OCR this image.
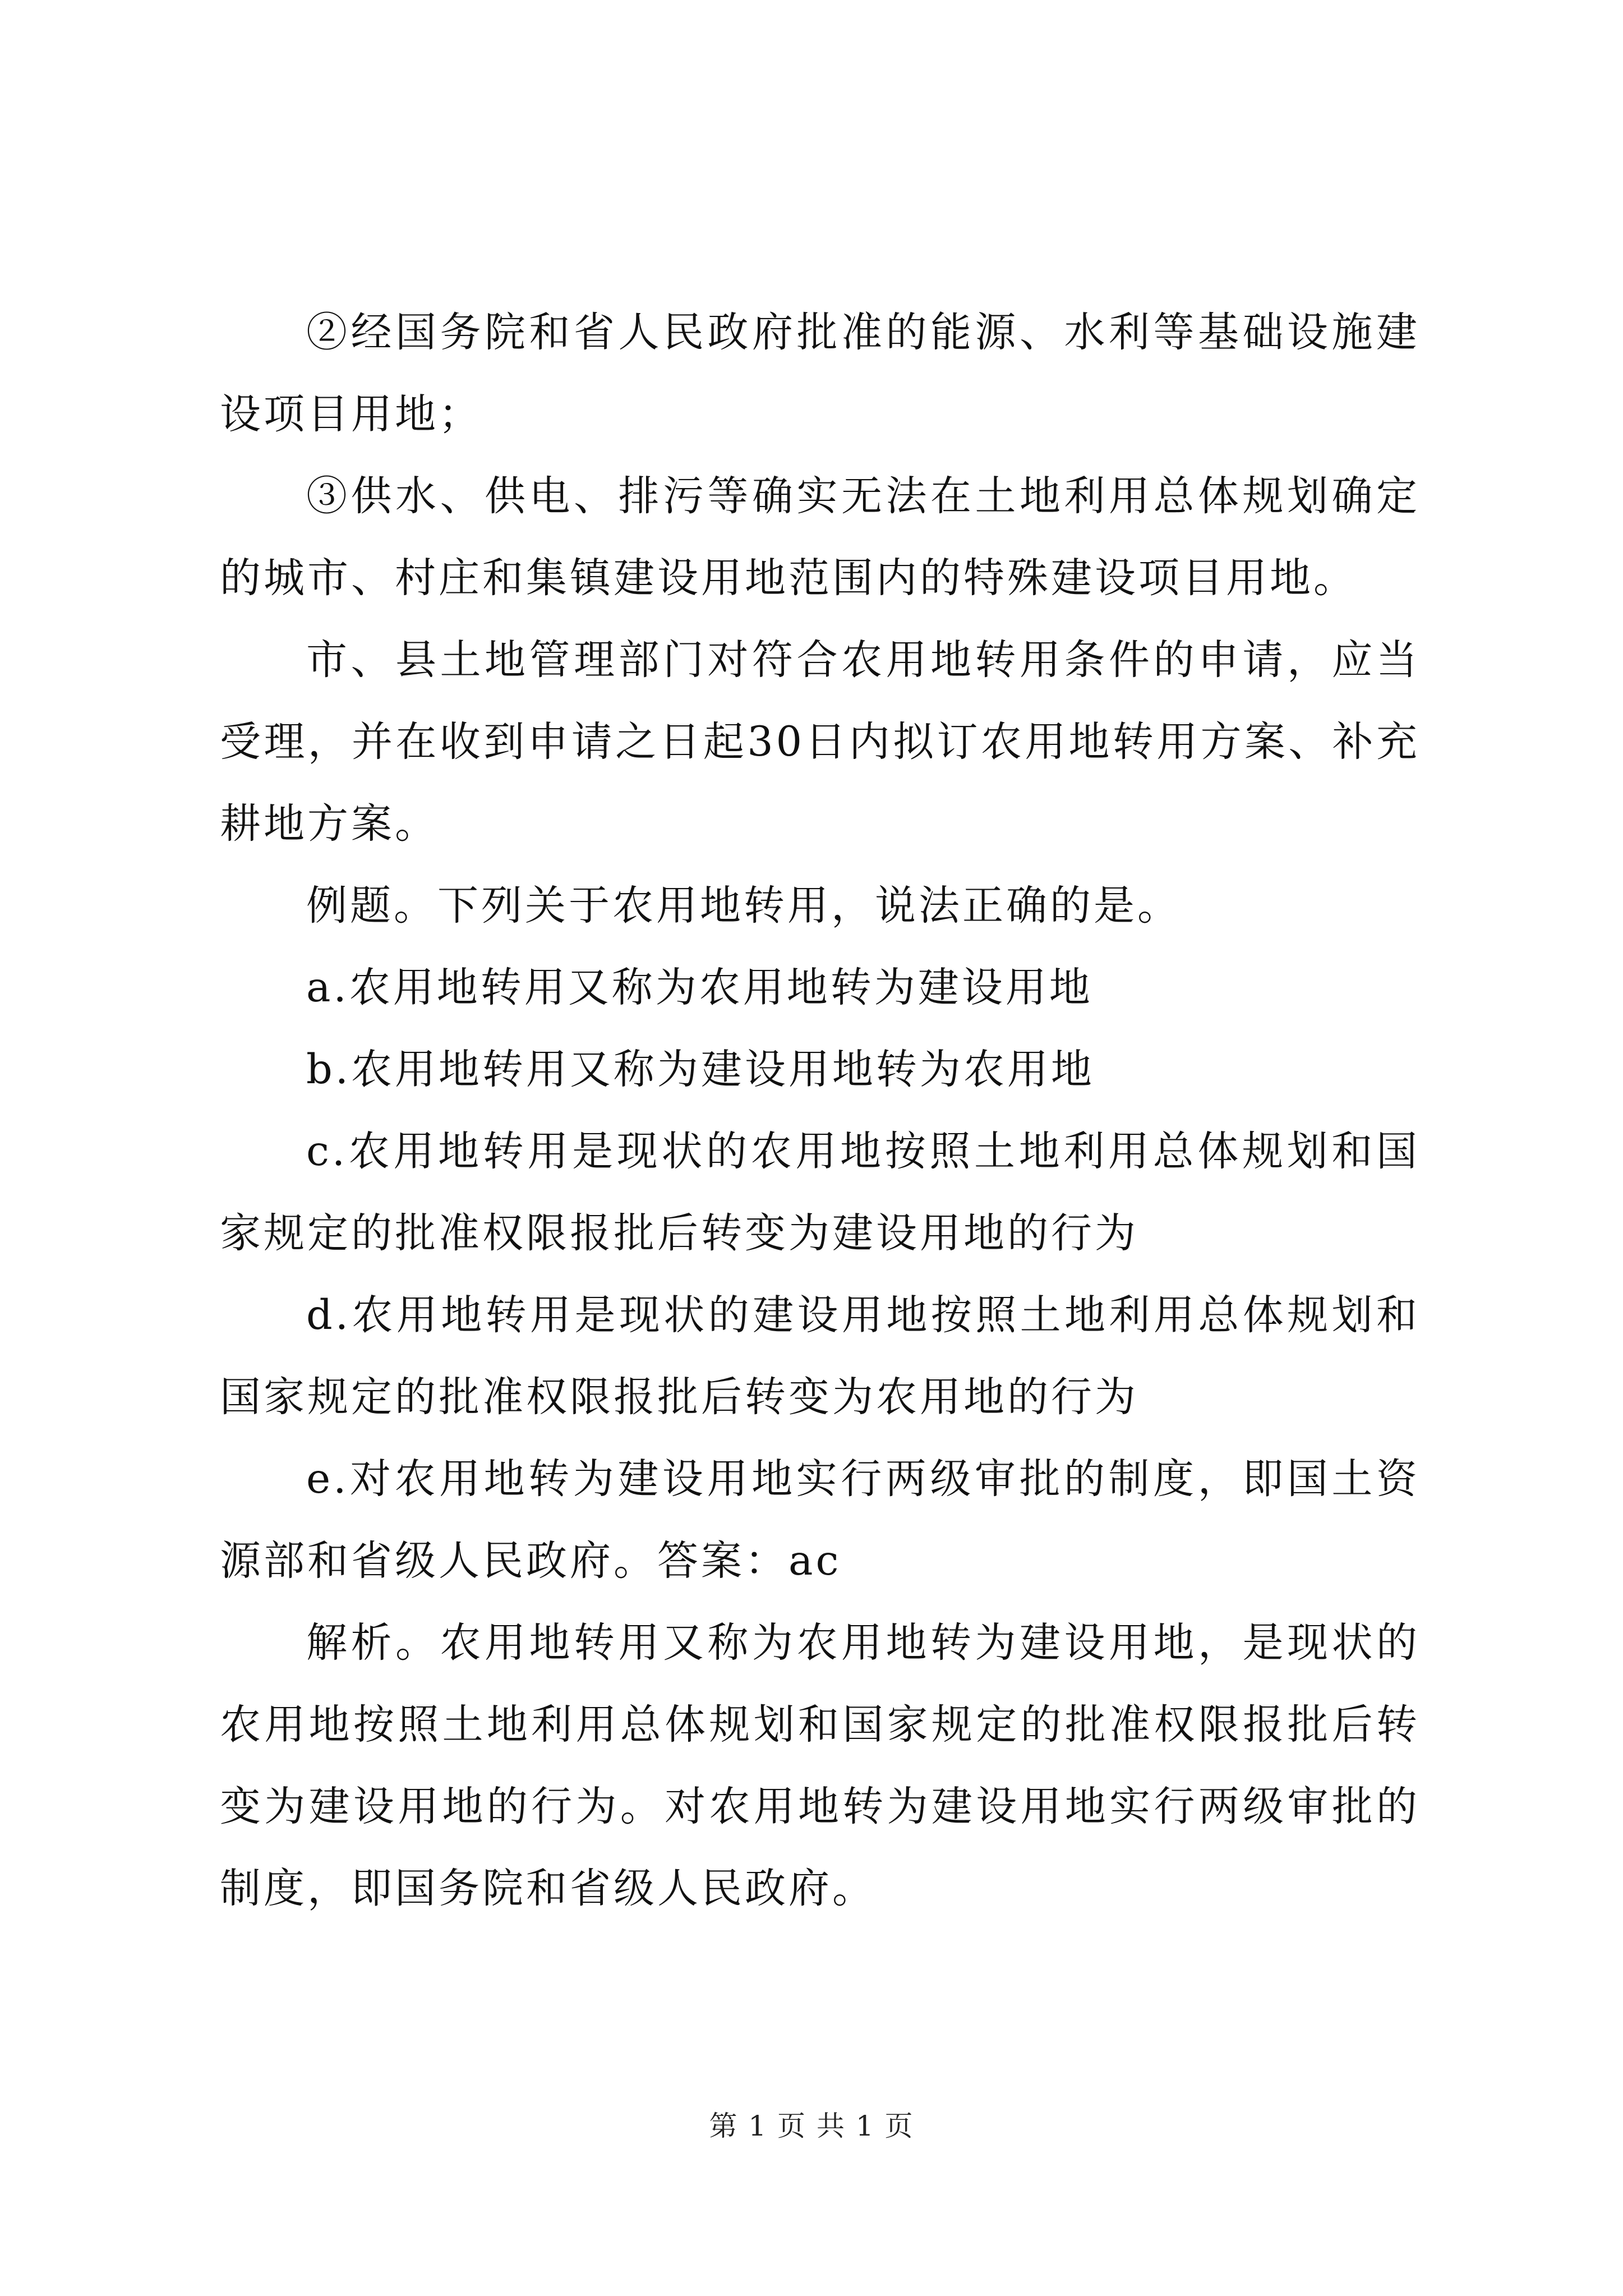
②经国务院和省人民政府批准的能源、水利等基础设施建设项目用地；

③供水、供电、排污等确实无法在土地利用总体规划确定的城市、村庄和集镇建设用地范围内的特殊建设项目用地。

市、县土地管理部门对符合农用地转用条件的申请，应当受理，并在收到申请之日起30日内拟订农用地转用方案、补充耕地方案。

例题。下列关于农用地转用，说法正确的是。

a.农用地转用又称为农用地转为建设用地

b.农用地转用又称为建设用地转为农用地

c.农用地转用是现状的农用地按照土地利用总体规划和国家规定的批准权限报批后转变为建设用地的行为

d.农用地转用是现状的建设用地按照土地利用总体规划和国家规定的批准权限报批后转变为农用地的行为

e.对农用地转为建设用地实行两级审批的制度，即国土资源部和省级人民政府。答案：ac

解析。农用地转用又称为农用地转为建设用地，是现状的农用地按照土地利用总体规划和国家规定的批准权限报批后转变为建设用地的行为。对农用地转为建设用地实行两级审批的制度，即国务院和省级人民政府。

第 1 页 共 1 页
